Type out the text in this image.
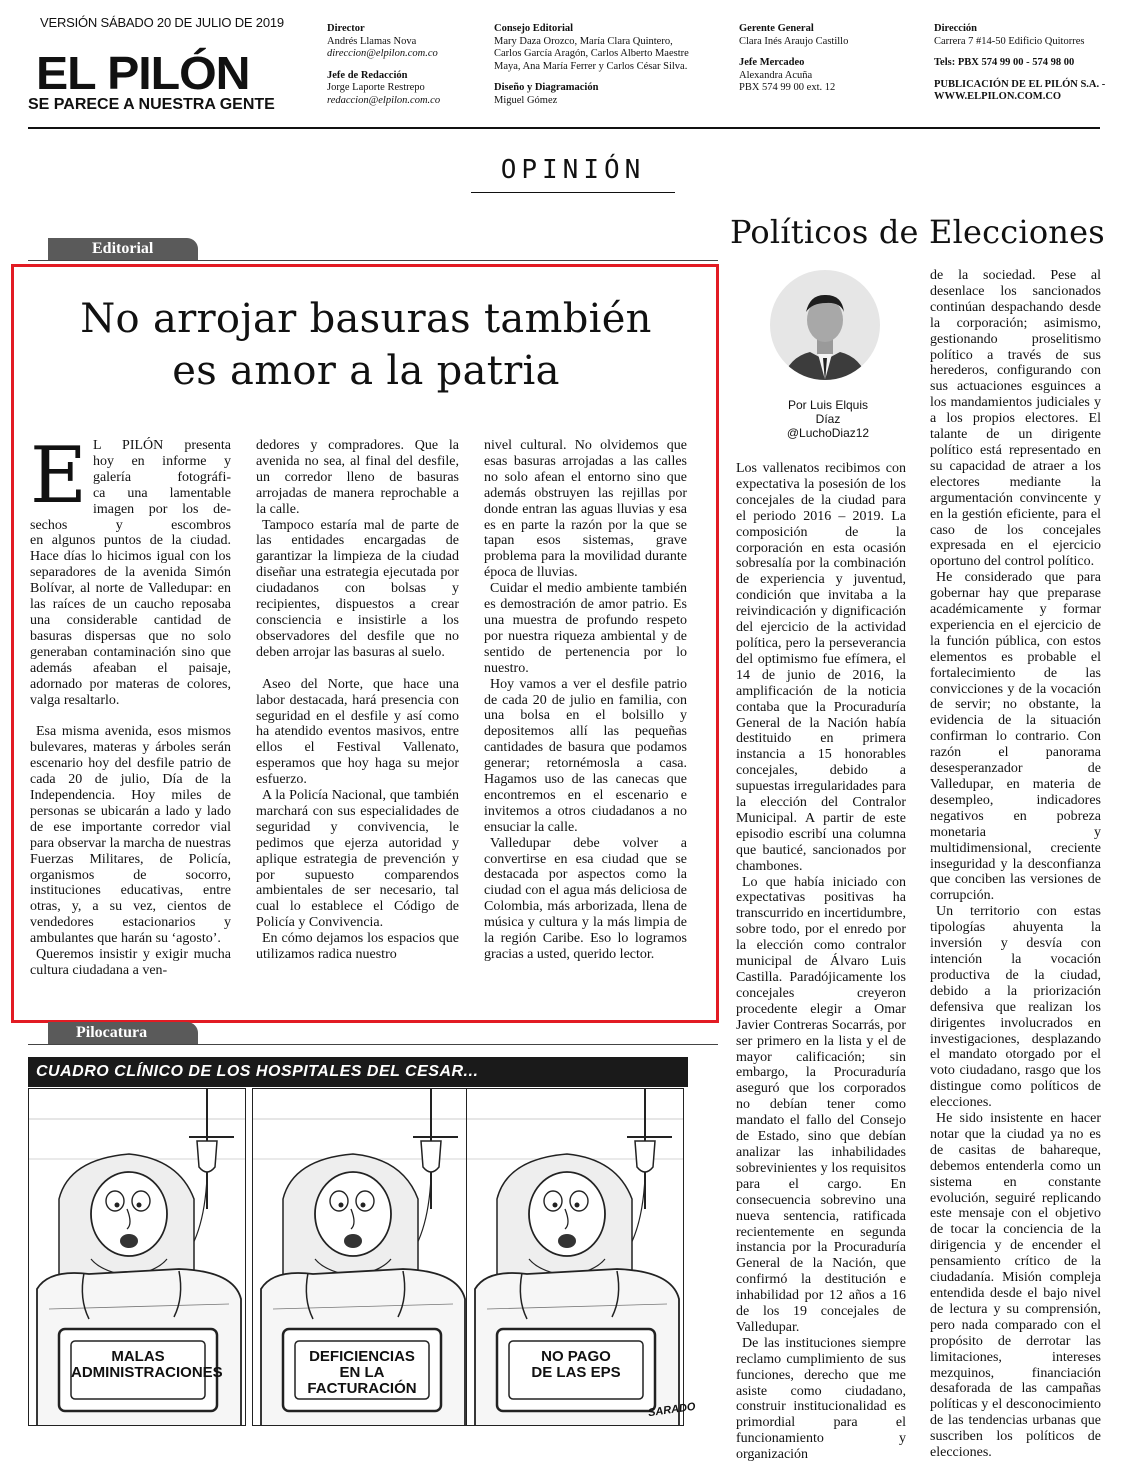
VERSIÓN SÁBADO 20 DE JULIO DE 2019
EL PILÓN
SE PARECE A NUESTRA GENTE
Director
Andrés Llamas Nova
direccion@elpilon.com.co
Jefe de Redacción
Jorge Laporte Restrepo
redaccion@elpilon.com.co
Consejo Editorial
Mary Daza Orozco, María Clara Quintero,
Carlos García Aragón, Carlos Alberto Maestre
Maya, Ana María Ferrer y Carlos César Silva.
Diseño y Diagramación
Miguel Gómez
Gerente General
Clara Inés Araujo Castillo
Jefe Mercadeo
Alexandra Acuña
PBX 574 99 00 ext. 12
Dirección
Carrera 7 #14-50 Edificio Quitorres
Tels: PBX 574 99 00 - 574 98 00
PUBLICACIÓN DE EL PILÓN S.A. -
WWW.ELPILON.COM.CO
OPINIÓN
Editorial
No arrojar basuras también
es amor a la patria
E L PILÓN presenta
hoy en informe y
galería fotográfi-
ca una lamentable
imagen por los de-
sechos y escombros

en algunos puntos de la ciudad. Hace días lo hicimos igual con los separadores de la avenida Simón Bolívar, al norte de Valledupar: en las raíces de un caucho reposaba una considerable cantidad de basuras dispersas que no solo generaban contaminación sino que además afeaban el paisaje, adornado por materas de colores, valga resaltarlo.

Esa misma avenida, esos mismos bulevares, materas y árboles serán escenario hoy del desfile patrio de cada 20 de julio, Día de la Independencia. Hoy miles de personas se ubicarán a lado y lado de ese importante corredor vial para observar la marcha de nuestras Fuerzas Militares, de Policía, organismos de socorro, instituciones educativas, entre otras, y, a su vez, cientos de vendedores estacionarios y ambulantes que harán su ‘agosto’.

Queremos insistir y exigir mucha cultura ciudadana a ven-

dedores y compradores. Que la avenida no sea, al final del desfile, un corredor lleno de basuras arrojadas de manera reprochable a la calle.

Tampoco estaría mal de parte de las entidades encargadas de garantizar la limpieza de la ciudad diseñar una estrategia ejecutada por ciudadanos con bolsas y recipientes, dispuestos a crear consciencia e insistirle a los observadores del desfile que no deben arrojar las basuras al suelo.

Aseo del Norte, que hace una labor destacada, hará presencia con seguridad en el desfile y así como ha atendido eventos masivos, entre ellos el Festival Vallenato, esperamos que hoy haga su mejor esfuerzo.

A la Policía Nacional, que también marchará con sus especialidades de seguridad y convivencia, le pedimos que ejerza autoridad y aplique estrategia de prevención y por supuesto comparendos ambientales de ser necesario, tal cual lo establece el Código de Policía y Convivencia.

En cómo dejamos los espacios que utilizamos radica nuestro

nivel cultural. No olvidemos que esas basuras arrojadas a las calles no solo afean el entorno sino que además obstruyen las rejillas por donde entran las aguas lluvias y esa es en parte la razón por la que se tapan esos sistemas, grave problema para la movilidad durante época de lluvias.

Cuidar el medio ambiente también es demostración de amor patrio. Es una muestra de profundo respeto por nuestra riqueza ambiental y de sentido de pertenencia por lo nuestro.

Hoy vamos a ver el desfile patrio de cada 20 de julio en familia, con una bolsa en el bolsillo y depositemos allí las pequeñas cantidades de basura que podamos generar; retornémosla a casa. Hagamos uso de las canecas que encontremos en el escenario e invitemos a otros ciudadanos a no ensuciar la calle.

Valledupar debe volver a convertirse en esa ciudad que se destacada por aspectos como la ciudad con el agua más deliciosa de Colombia, más arborizada, llena de música y cultura y la más limpia de la región Caribe. Eso lo logramos gracias a usted, querido lector.

Políticos de Elecciones
Por Luis Elquis
Díaz
@LuchoDiaz12

Los vallenatos recibimos con expectativa la posesión de los concejales de la ciudad para el periodo 2016 – 2019. La composición de la corporación en esta ocasión sobresalía por la combinación de experiencia y juventud, condición que invitaba a la reivindicación y dignificación del ejercicio de la actividad política, pero la perseverancia del optimismo fue efímera, el 14 de junio de 2016, la amplificación de la noticia contaba que la Procuraduría General de la Nación había destituido en primera instancia a 15 honorables concejales, debido a supuestas irregularidades para la elección del Contralor Municipal. A partir de este episodio escribí una columna que bauticé, sancionados por chambones.

Lo que había iniciado con expectativas positivas ha transcurrido en incertidumbre, sobre todo, por el enredo por la elección como contralor municipal de Álvaro Luis Castilla. Paradójicamente los concejales creyeron procedente elegir a Omar Javier Contreras Socarrás, por ser primero en la lista y el de mayor calificación; sin embargo, la Procuraduría aseguró que los corporados no debían tener como mandato el fallo del Consejo de Estado, sino que debían analizar las inhabilidades sobrevinientes y los requisitos para el cargo. En consecuencia sobrevino una nueva sentencia, ratificada recientemente en segunda instancia por la Procuraduría General de la Nación, que confirmó la destitución e inhabilidad por 12 años a 16 de los 19 concejales de Valledupar.

De las instituciones siempre reclamo cumplimiento de sus funciones, derecho que me asiste como ciudadano, construir institucionalidad es primordial para el funcionamiento y organización

de la sociedad. Pese al desenlace los sancionados continúan despachando desde la corporación; asimismo, gestionando proselitismo político a través de sus herederos, configurando con sus actuaciones esguinces a los mandamientos judiciales y a los propios electores. El talante de un dirigente político está representado en su capacidad de atraer a los electores mediante la argumentación convincente y en la gestión eficiente, para el caso de los concejales expresada en el ejercicio oportuno del control político.

He considerado que para gobernar hay que preparase académicamente y formar experiencia en el ejercicio de la función pública, con estos elementos es probable el fortalecimiento de las convicciones y de la vocación de servir; no obstante, la evidencia de la situación confirman lo contrario. Con razón el panorama desesperanzador de Valledupar, en materia de desempleo, indicadores negativos en pobreza monetaria y multidimensional, creciente inseguridad y la desconfianza que conciben las versiones de corrupción.

Un territorio con estas tipologías ahuyenta la inversión y desvía con intención la vocación productiva de la ciudad, debido a la priorización defensiva que realizan los dirigentes involucrados en investigaciones, desplazando el mandato otorgado por el voto ciudadano, rasgo que los distingue como políticos de elecciones.

He sido insistente en hacer notar que la ciudad ya no es de casitas de bahareque, debemos entenderla como un sistema en constante evolución, seguiré replicando este mensaje con el objetivo de tocar la conciencia de la dirigencia y de encender el pensamiento crítico de la ciudadanía. Misión compleja entendida desde el bajo nivel de lectura y su comprensión, pero nada comparado con el propósito de derrotar las limitaciones, intereses mezquinos, financiación desaforada de las campañas políticas y el desconocimiento de las tendencias urbanas que suscriben los políticos de elecciones.

Pilocatura
CUADRO CLÍNICO DE LOS HOSPITALES DEL CESAR...
MALAS
ADMINISTRACIONES
DEFICIENCIAS
EN LA FACTURACIÓN
NO PAGO
DE LAS EPS
SARADO
